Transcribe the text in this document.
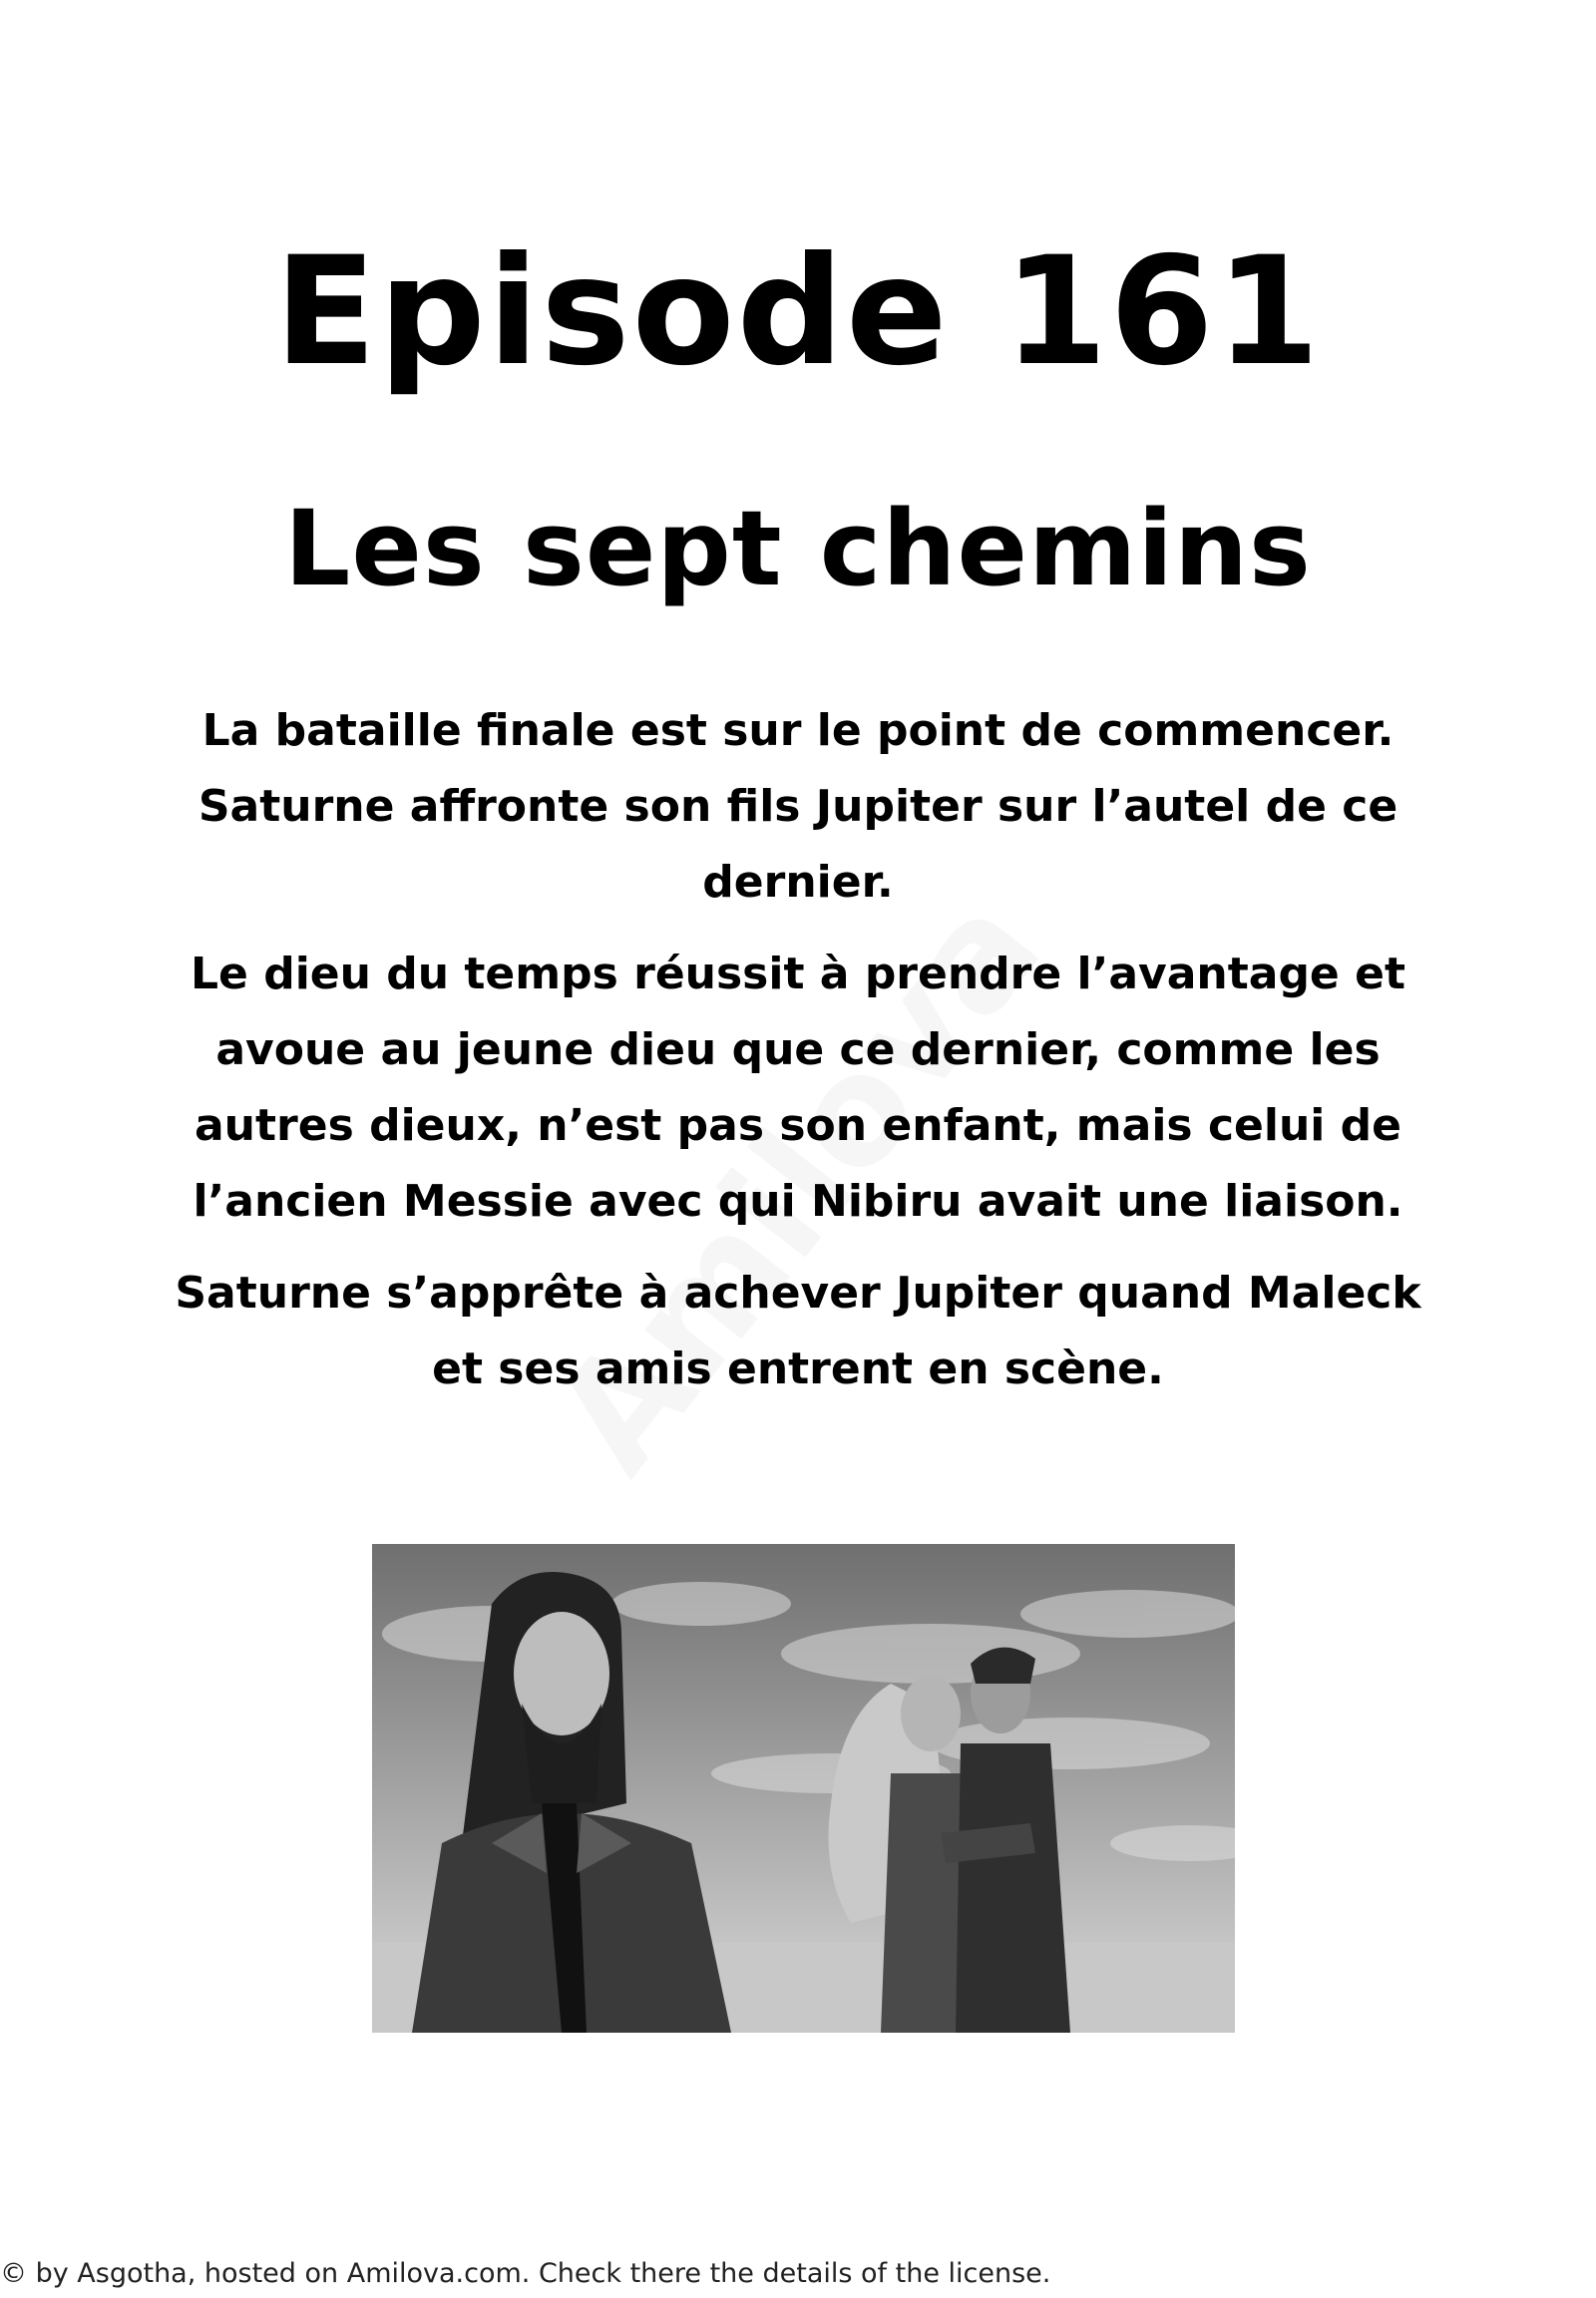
Episode 161
Les sept chemins

La bataille finale est sur le point de commencer. Saturne affronte son fils Jupiter sur l’autel de ce dernier.

Le dieu du temps réussit à prendre l’avantage et avoue au jeune dieu que ce dernier, comme les autres dieux, n’est pas son enfant, mais celui de l’ancien Messie avec qui Nibiru avait une liaison.

Saturne s’apprête à achever Jupiter quand Maleck et ses amis entrent en scène.

© by Asgotha, hosted on Amilova.com. Check there the details of the license.
